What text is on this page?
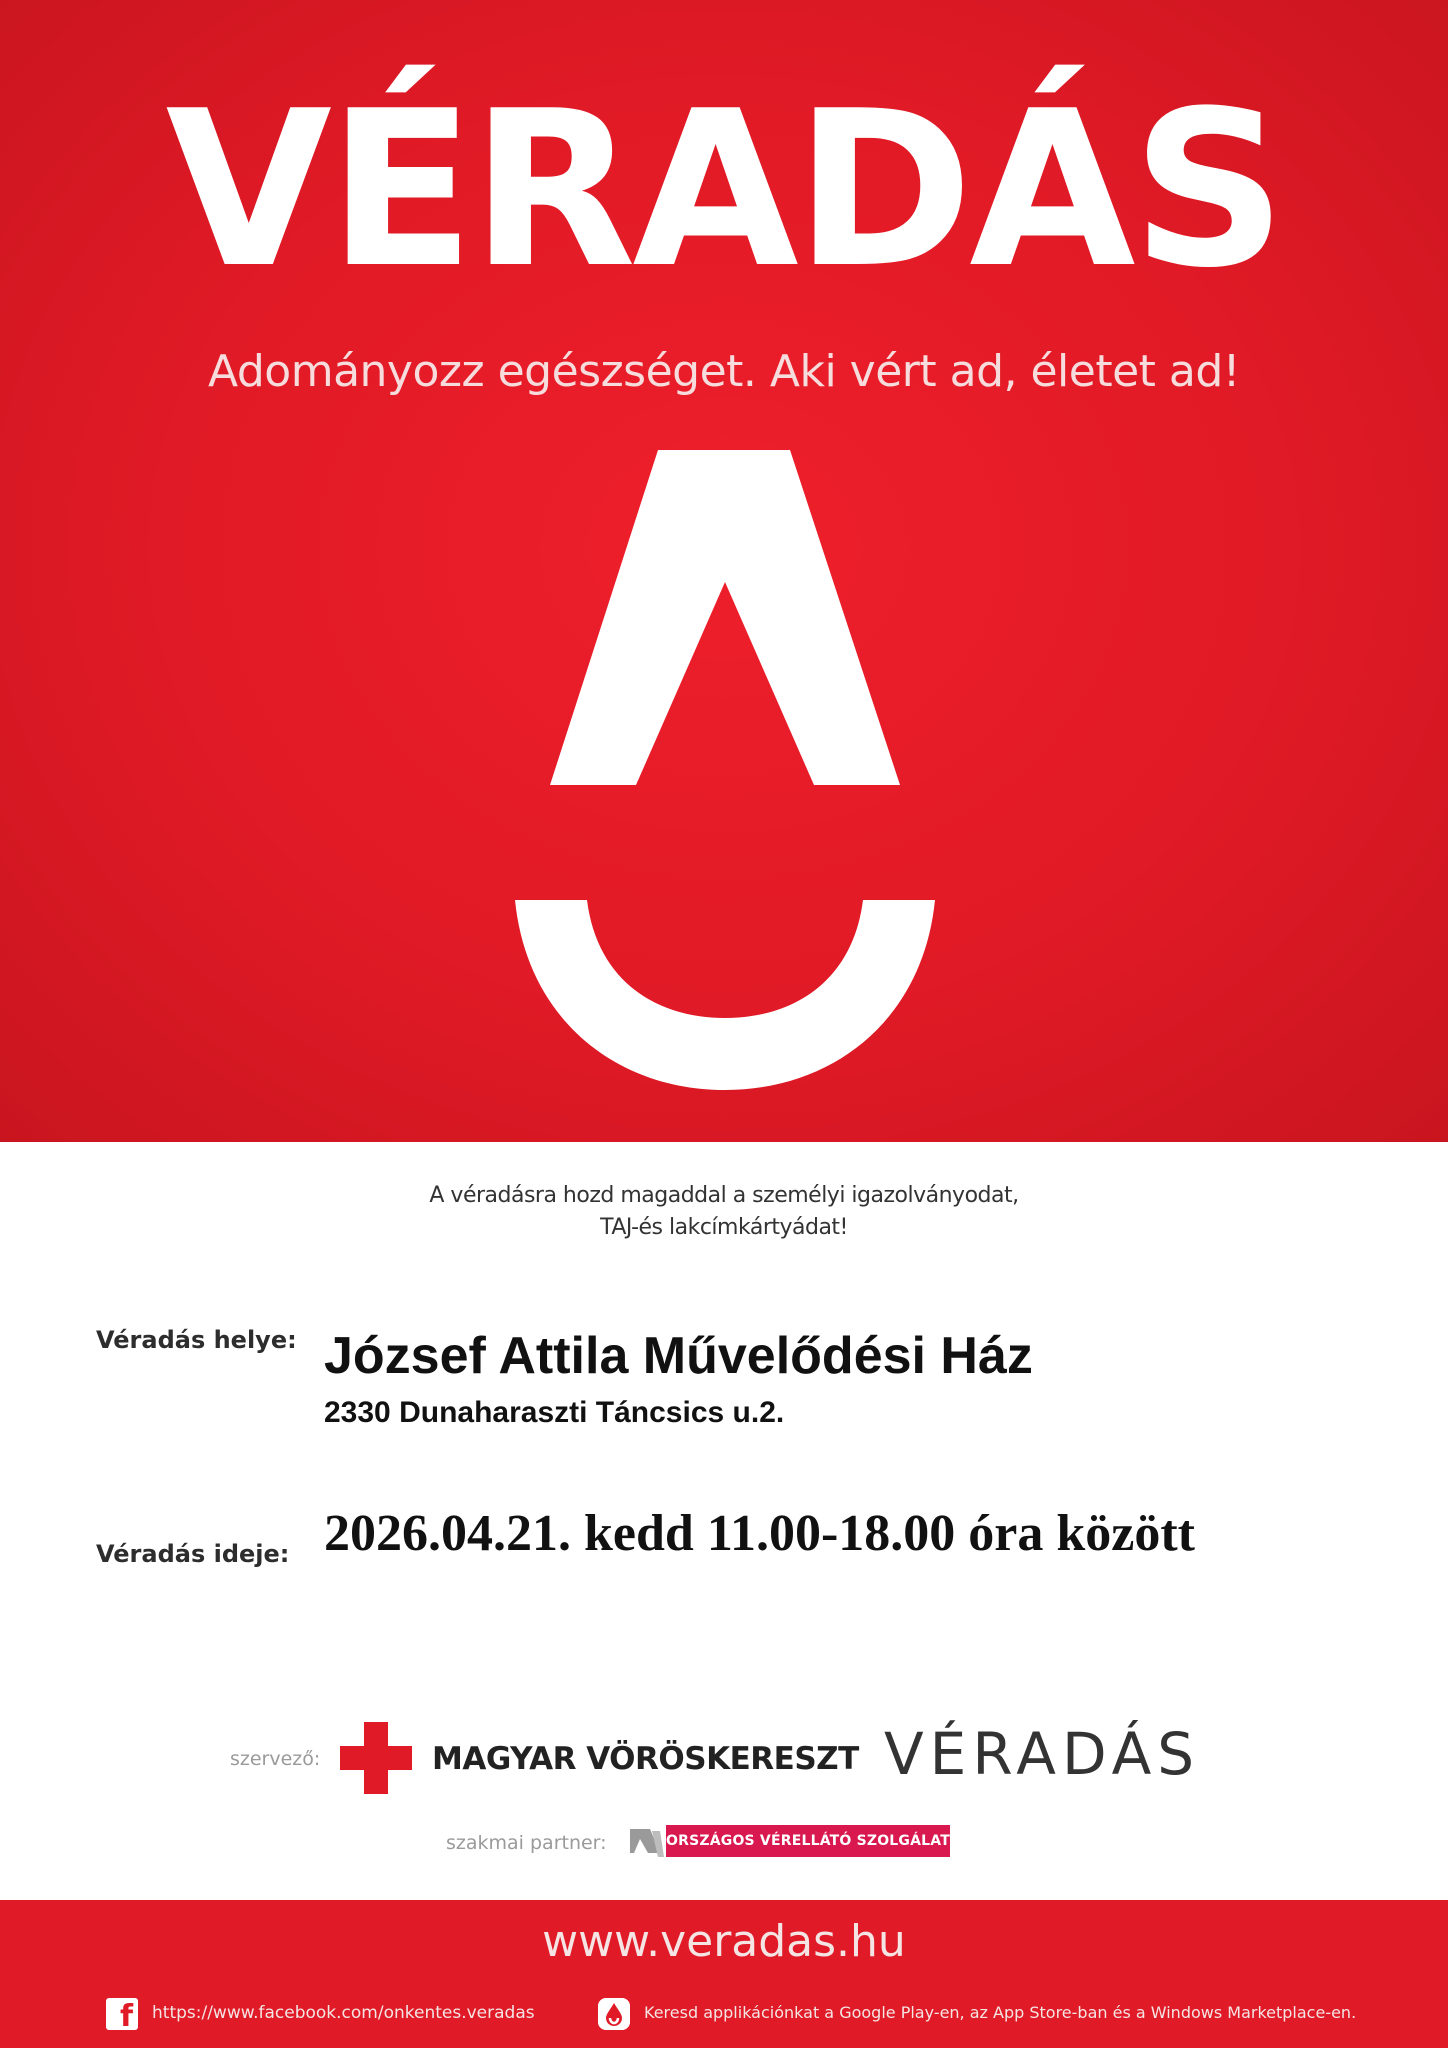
VÉRADÁS
Adományozz egészséget. Aki vért ad, életet ad!
A véradásra hozd magaddal a személyi igazolványodat,
TAJ-és lakcímkártyádat!
Véradás helye: József Attila Művelődési Ház
2330 Dunaharaszti Táncsics u.2.
Véradás ideje: 2026.04.21. kedd 11.00-18.00 óra között
szervező:	MAGYAR VÖRÖSKERESZT VÉRADÁS
szakmai partner:	ORSZÁGOS VÉRELLÁTÓ SZOLGÁLAT
www.veradas.hu
f https://www.facebook.com/onkentes.veradas	Keresd applikációnkat a Google Play-en, az App Store-ban és a Windows Marketplace-en.
